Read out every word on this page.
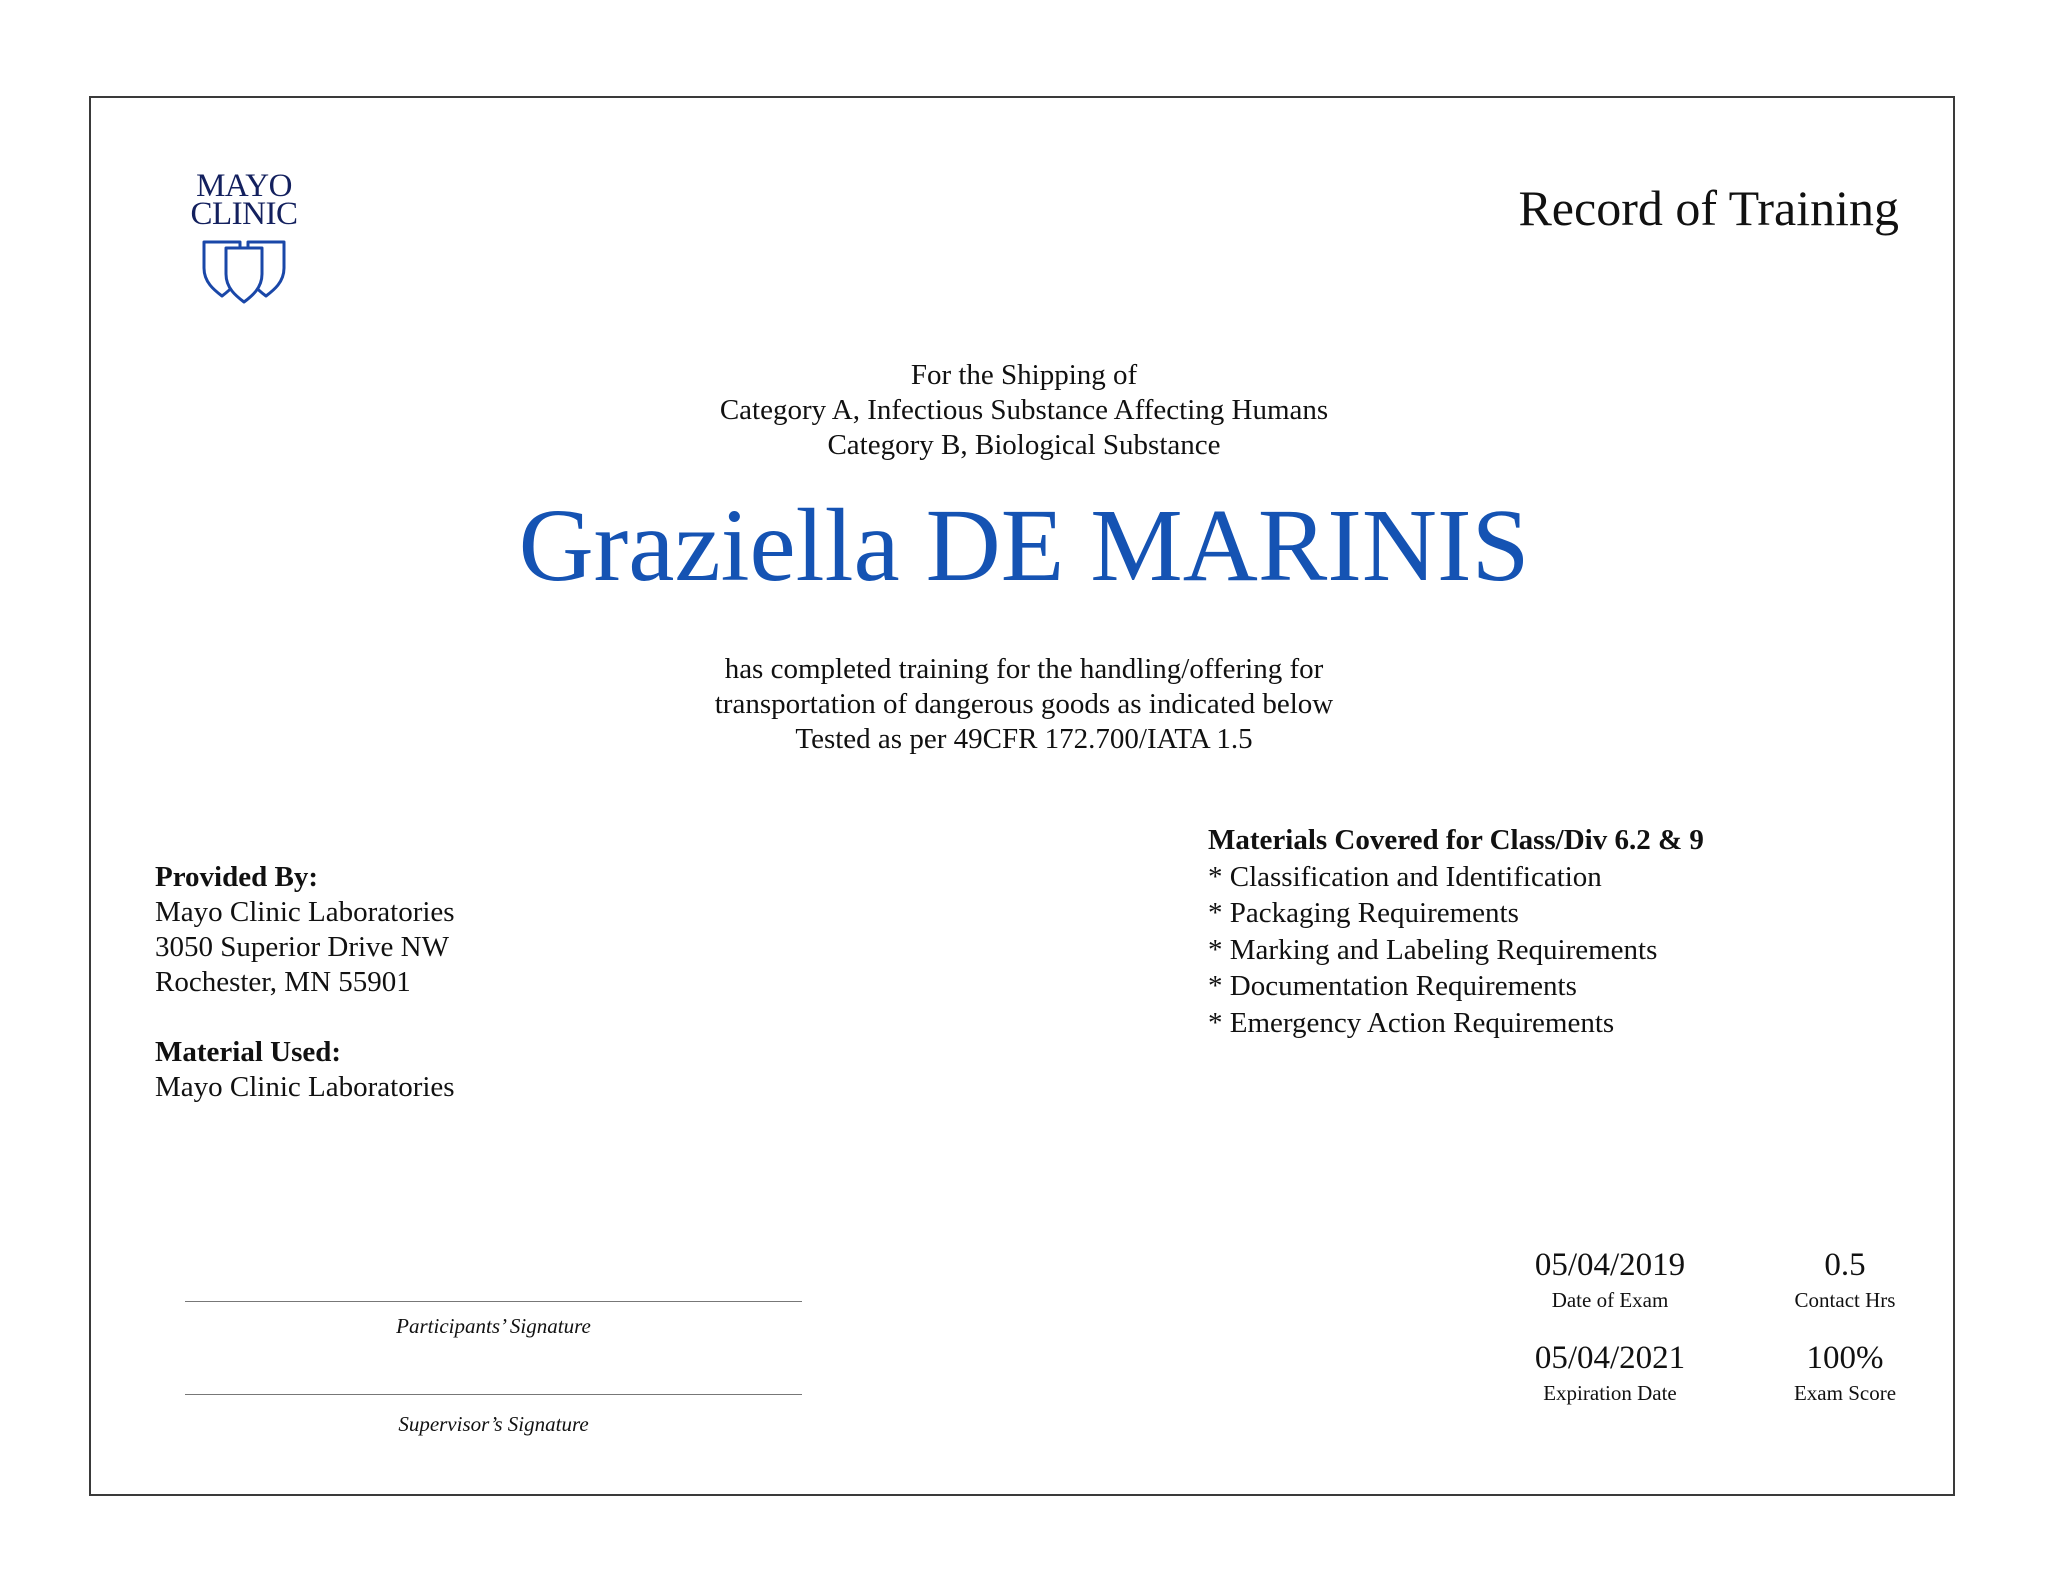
MAYO
CLINIC	Record of Training
For the Shipping of
Category A, Infectious Substance Affecting Humans
Category B, Biological Substance
Graziella DE MARINIS
has completed training for the handling/offering for
transportation of dangerous goods as indicated below
Tested as per 49CFR 172.700/IATA 1.5
Provided By:
Mayo Clinic Laboratories
3050 Superior Drive NW
Rochester, MN 55901
Material Used:
Mayo Clinic Laboratories
Materials Covered for Class/Div 6.2 & 9
* Classification and Identification
* Packaging Requirements
* Marking and Labeling Requirements
* Documentation Requirements
* Emergency Action Requirements
Participants’ Signature
Supervisor’s Signature
05/04/2019
Date of Exam
0.5
Contact Hrs
05/04/2021
Expiration Date
100%
Exam Score
